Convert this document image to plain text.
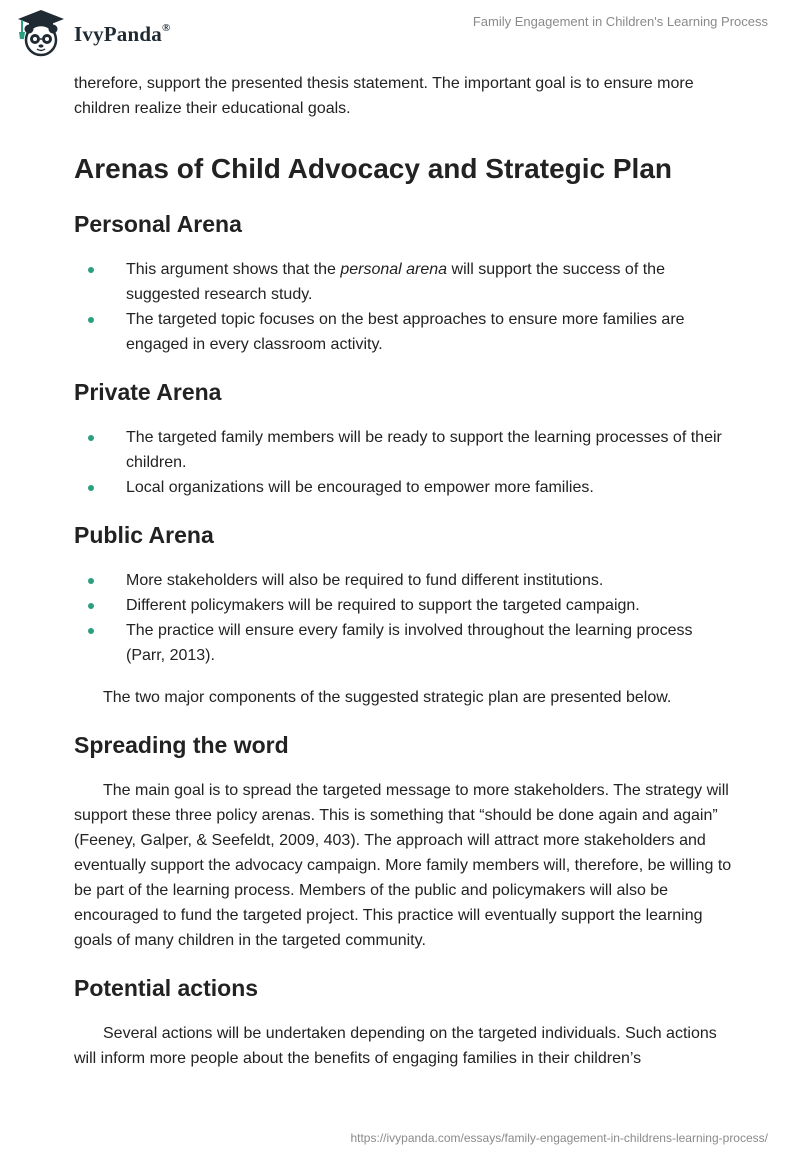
IvyPanda®	Family Engagement in Children's Learning Process

therefore, support the presented thesis statement. The important goal is to ensure more children realize their educational goals.

Arenas of Child Advocacy and Strategic Plan
Personal Arena
This argument shows that the personal arena will support the success of the suggested research study.
The targeted topic focuses on the best approaches to ensure more families are engaged in every classroom activity.
Private Arena
The targeted family members will be ready to support the learning processes of their children.
Local organizations will be encouraged to empower more families.
Public Arena
More stakeholders will also be required to fund different institutions.
Different policymakers will be required to support the targeted campaign.
The practice will ensure every family is involved throughout the learning process (Parr, 2013).

The two major components of the suggested strategic plan are presented below.

Spreading the word

The main goal is to spread the targeted message to more stakeholders. The strategy will support these three policy arenas. This is something that “should be done again and again” (Feeney, Galper, & Seefeldt, 2009, 403). The approach will attract more stakeholders and eventually support the advocacy campaign. More family members will, therefore, be willing to be part of the learning process. Members of the public and policymakers will also be encouraged to fund the targeted project. This practice will eventually support the learning goals of many children in the targeted community.

Potential actions

Several actions will be undertaken depending on the targeted individuals. Such actions will inform more people about the benefits of engaging families in their children’s

https://ivypanda.com/essays/family-engagement-in-childrens-learning-process/
